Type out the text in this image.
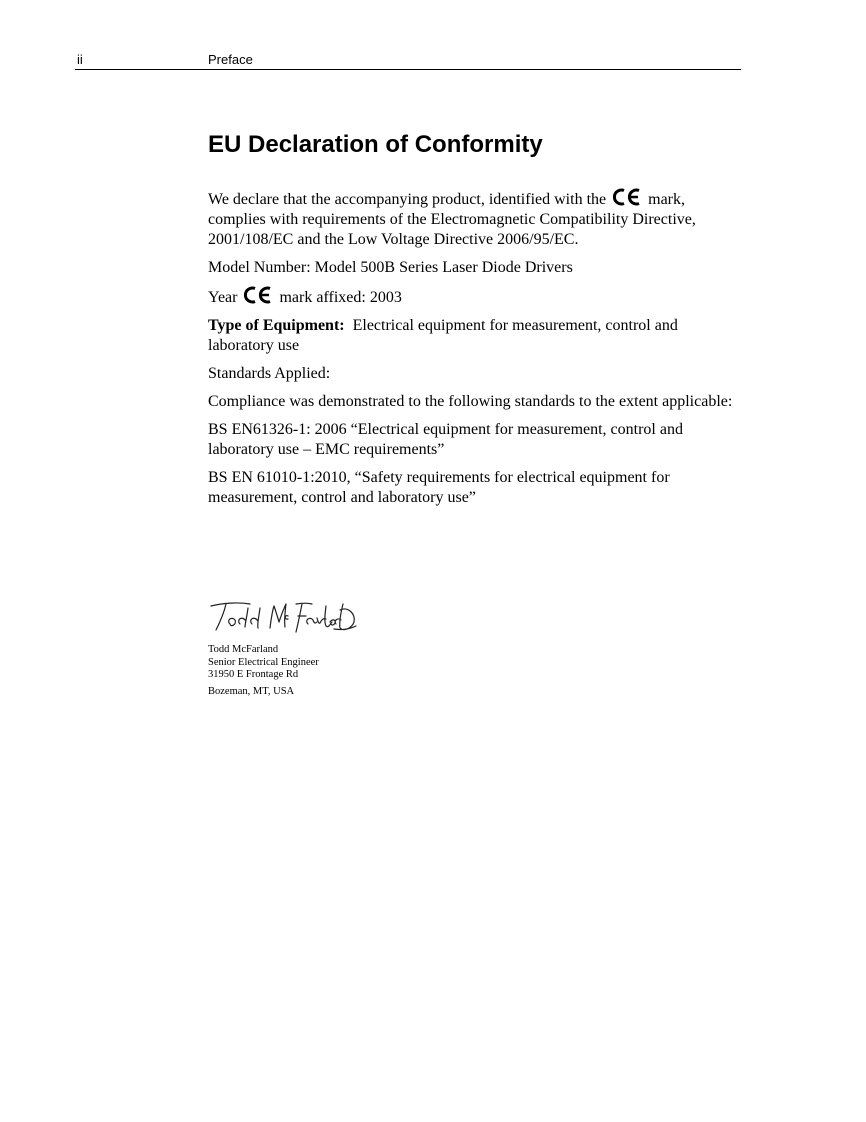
ii	Preface
EU Declaration of Conformity

We declare that the accompanying product, identified with the	mark, complies with requirements of the Electromagnetic Compatibility Directive, 2001/108/EC and the Low Voltage Directive 2006/95/EC.

Model Number: Model 500B Series Laser Diode Drivers

Year	mark affixed: 2003

Type of Equipment: Electrical equipment for measurement, control and laboratory use

Standards Applied:

Compliance was demonstrated to the following standards to the extent applicable:

BS EN61326-1: 2006 “Electrical equipment for measurement, control and laboratory use – EMC requirements”

BS EN 61010-1:2010, “Safety requirements for electrical equipment for measurement, control and laboratory use”

Todd McFarland
Senior Electrical Engineer
31950 E Frontage Rd
Bozeman, MT, USA
